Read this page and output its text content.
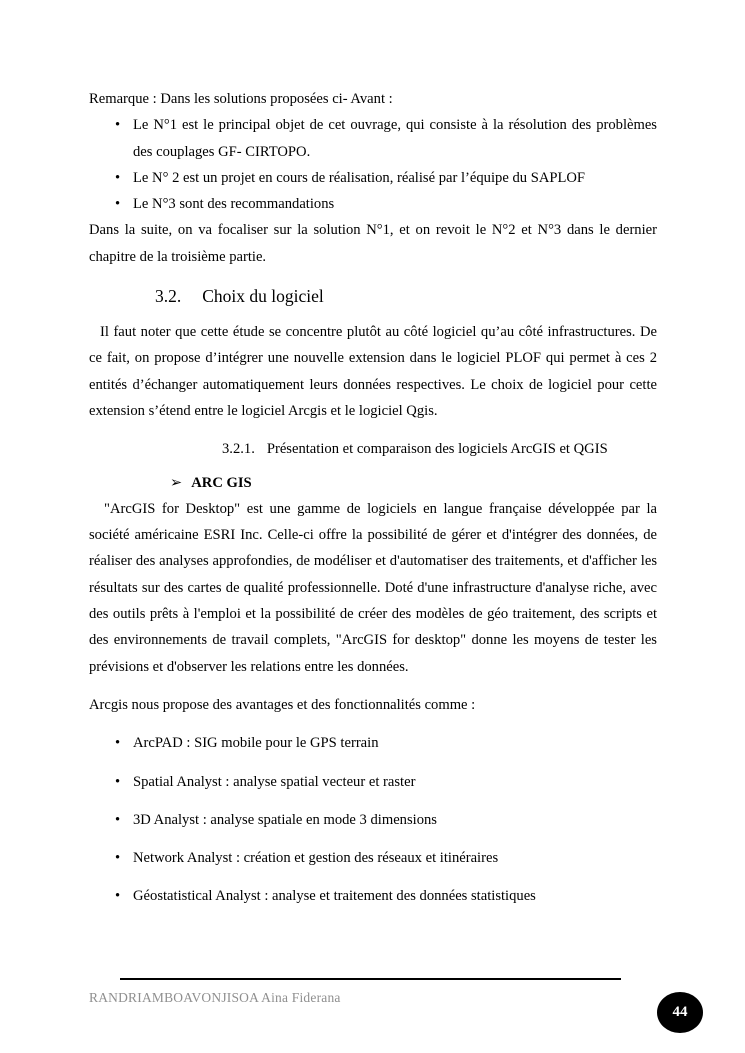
Remarque : Dans les solutions proposées ci- Avant :

• Le N°1 est le principal objet de cet ouvrage, qui consiste à la résolution des problèmes des couplages GF- CIRTOPO.
• Le N° 2 est un projet en cours de réalisation, réalisé par l’équipe du SAPLOF
• Le N°3 sont des recommandations

Dans la suite, on va focaliser sur la solution N°1, et on revoit le N°2 et N°3 dans le dernier chapitre de la troisième partie.

3.2. Choix du logiciel

Il faut noter que cette étude se concentre plutôt au côté logiciel qu’au côté infrastructures. De ce fait, on propose d’intégrer une nouvelle extension dans le logiciel PLOF qui permet à ces 2 entités d’échanger automatiquement leurs données respectives. Le choix de logiciel pour cette extension s’étend entre le logiciel Arcgis et le logiciel Qgis.

3.2.1. Présentation et comparaison des logiciels ArcGIS et QGIS

➢ ARC GIS

"ArcGIS for Desktop" est une gamme de logiciels en langue française développée par la société américaine ESRI Inc. Celle-ci offre la possibilité de gérer et d'intégrer des données, de réaliser des analyses approfondies, de modéliser et d'automatiser des traitements, et d'afficher les résultats sur des cartes de qualité professionnelle. Doté d'une infrastructure d'analyse riche, avec des outils prêts à l'emploi et la possibilité de créer des modèles de géo traitement, des scripts et des environnements de travail complets, "ArcGIS for desktop" donne les moyens de tester les prévisions et d'observer les relations entre les données.

Arcgis nous propose des avantages et des fonctionnalités comme :

• ArcPAD : SIG mobile pour le GPS terrain
• Spatial Analyst : analyse spatial vecteur et raster
• 3D Analyst : analyse spatiale en mode 3 dimensions
• Network Analyst : création et gestion des réseaux et itinéraires
• Géostatistical Analyst : analyse et traitement des données statistiques
RANDRIAMBOAVONJISOA Aina Fiderana
44
